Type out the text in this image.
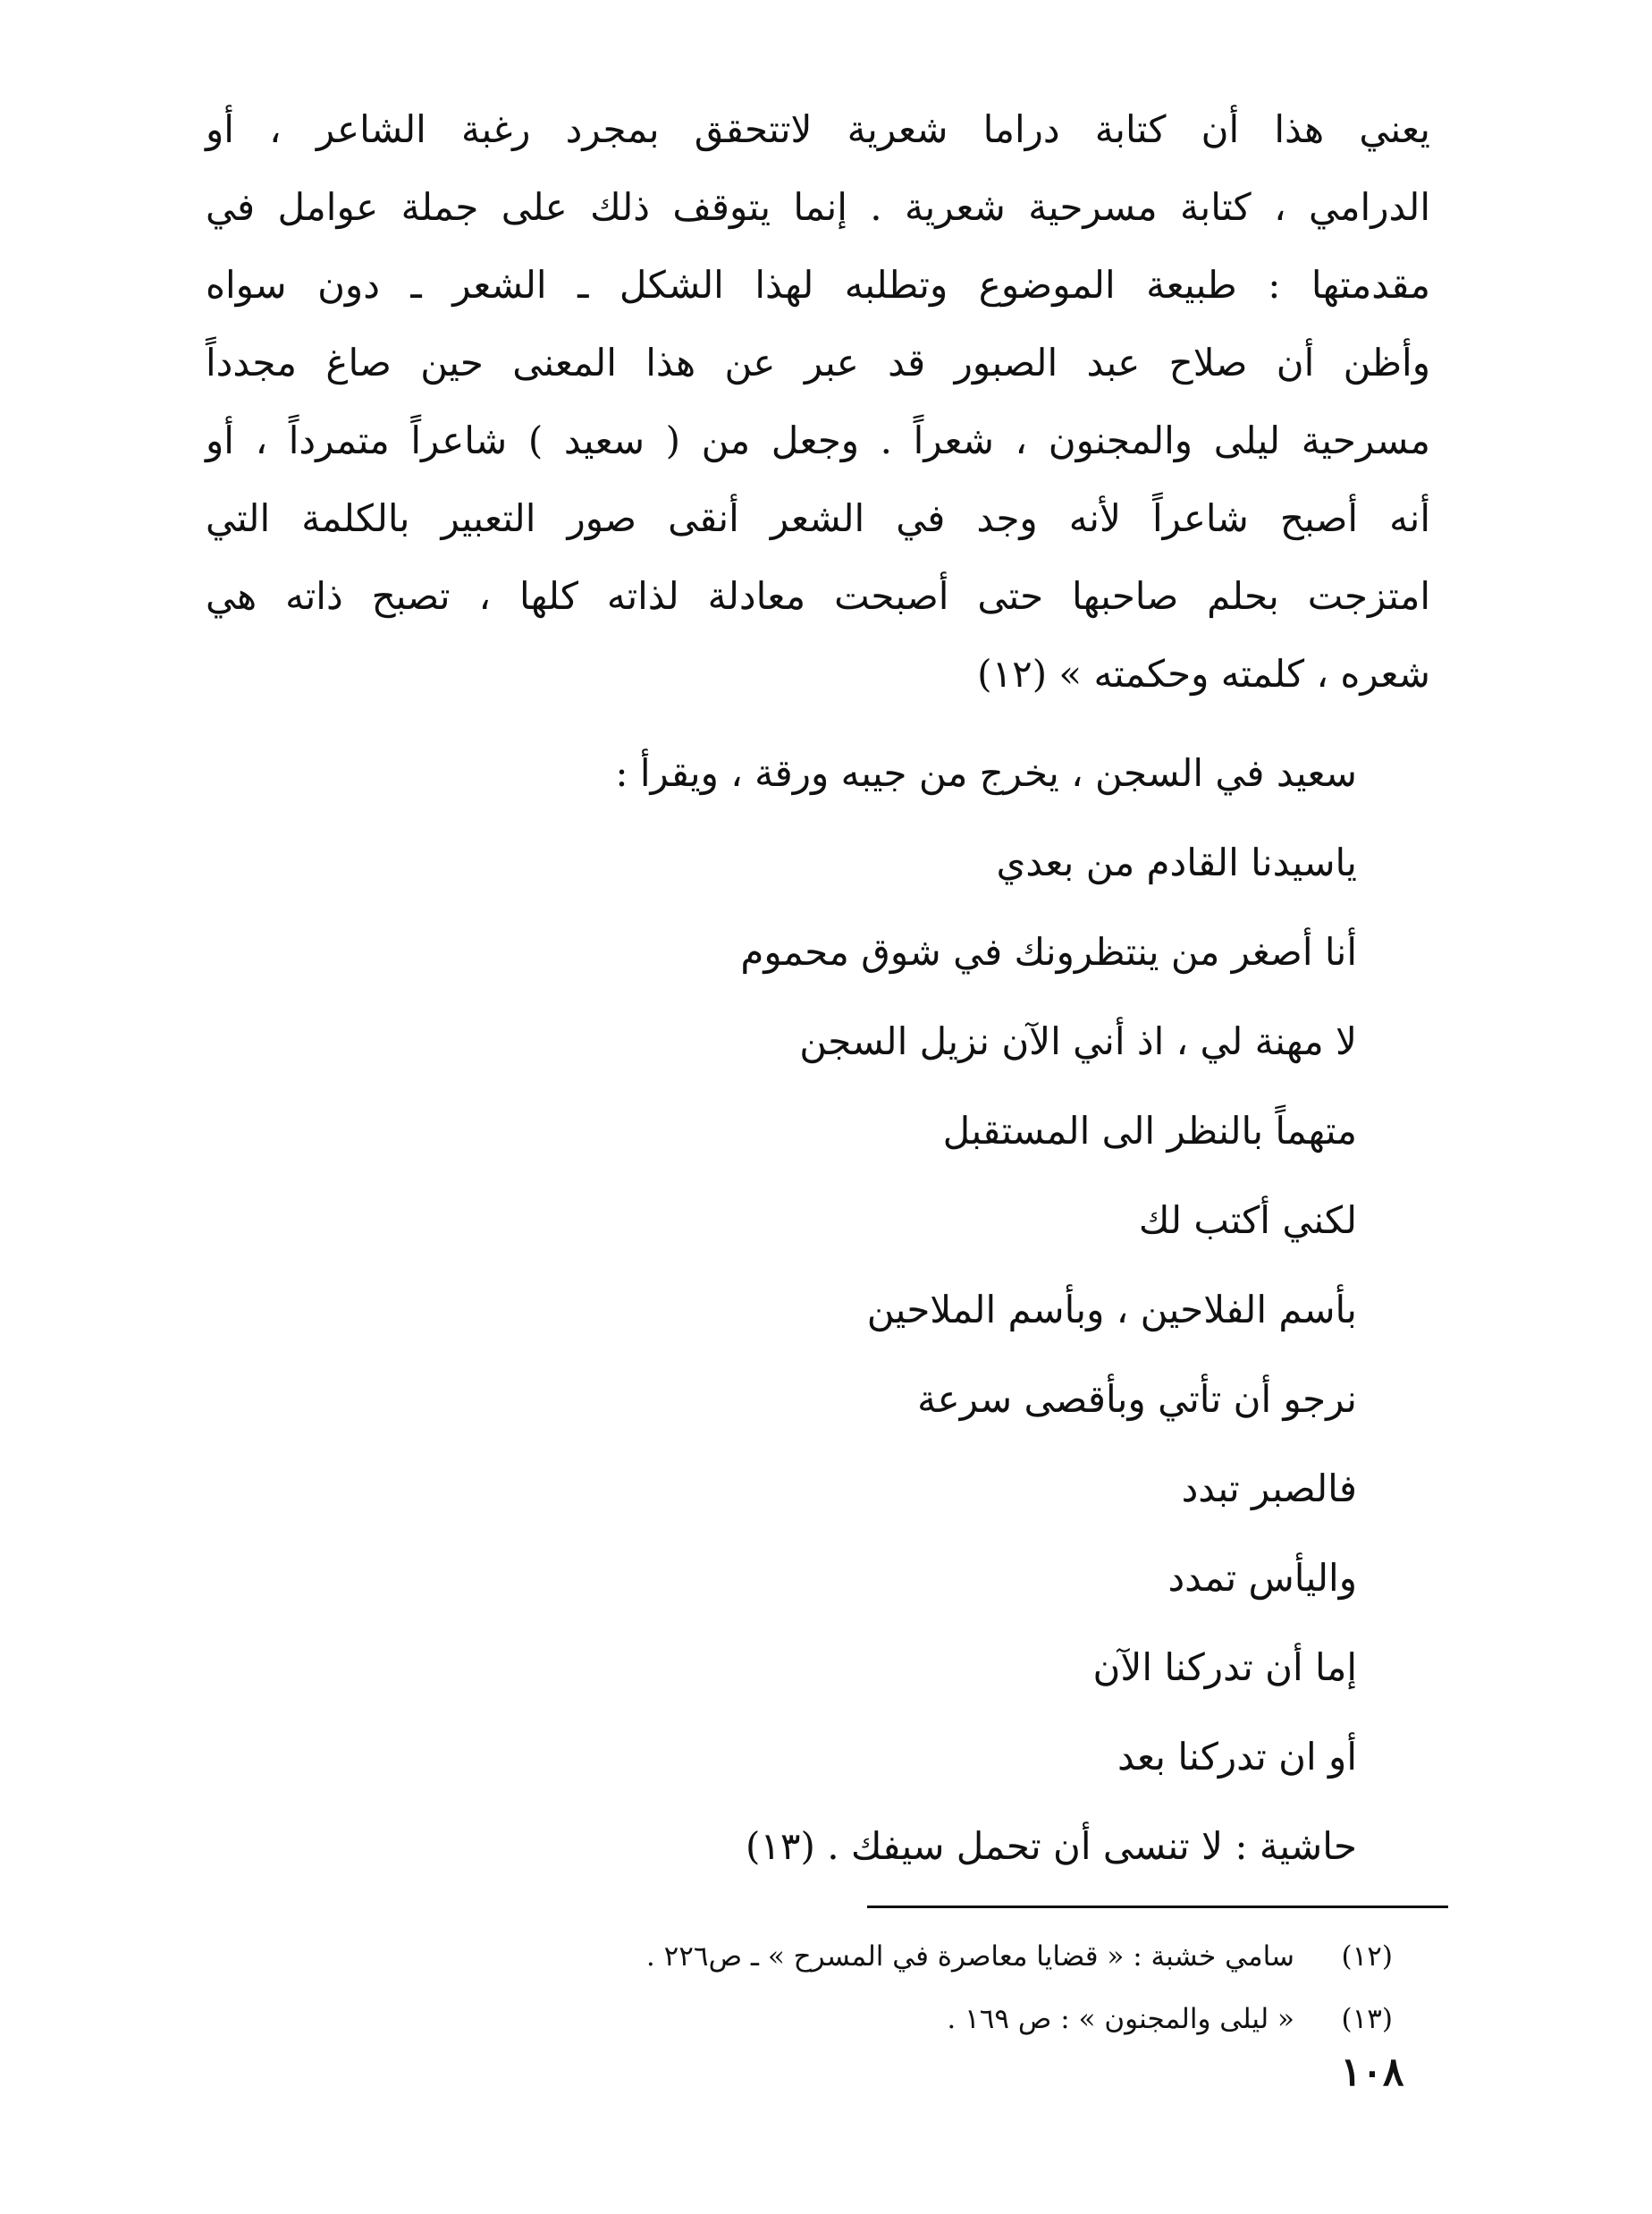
يعني هذا أن كتابة دراما شعرية لاتتحقق بمجرد رغبة الشاعر ، أو
الدرامي ، كتابة مسرحية شعرية . إنما يتوقف ذلك على جملة عوامل في
مقدمتها : طبيعة الموضوع وتطلبه لهذا الشكل ـ الشعر ـ دون سواه
وأظن أن صلاح عبد الصبور قد عبر عن هذا المعنى حين صاغ مجدداً
مسرحية ليلى والمجنون ، شعراً . وجعل من ( سعيد ) شاعراً متمرداً ، أو
أنه أصبح شاعراً لأنه وجد في الشعر أنقى صور التعبير بالكلمة التي
امتزجت بحلم صاحبها حتى أصبحت معادلة لذاته كلها ، تصبح ذاته هي
شعره ، كلمته وحكمته » (١٢)
سعيد في السجن ، يخرج من جيبه ورقة ، ويقرأ :
ياسيدنا القادم من بعدي
أنا أصغر من ينتظرونك في شوق محموم
لا مهنة لي ، اذ أني الآن نزيل السجن
متهماً بالنظر الى المستقبل
لكني أكتب لك
بأسم الفلاحين ، وبأسم الملاحين
نرجو أن تأتي وبأقصى سرعة
فالصبر تبدد
واليأس تمدد
إما أن تدركنا الآن
أو ان تدركنا بعد
حاشية : لا تنسى أن تحمل سيفك . (١٣)
(١٢)سامي خشبة : « قضايا معاصرة في المسرح » ـ ص٢٢٦ .
(١٣)« ليلى والمجنون » : ص ١٦٩ .
١٠٨
